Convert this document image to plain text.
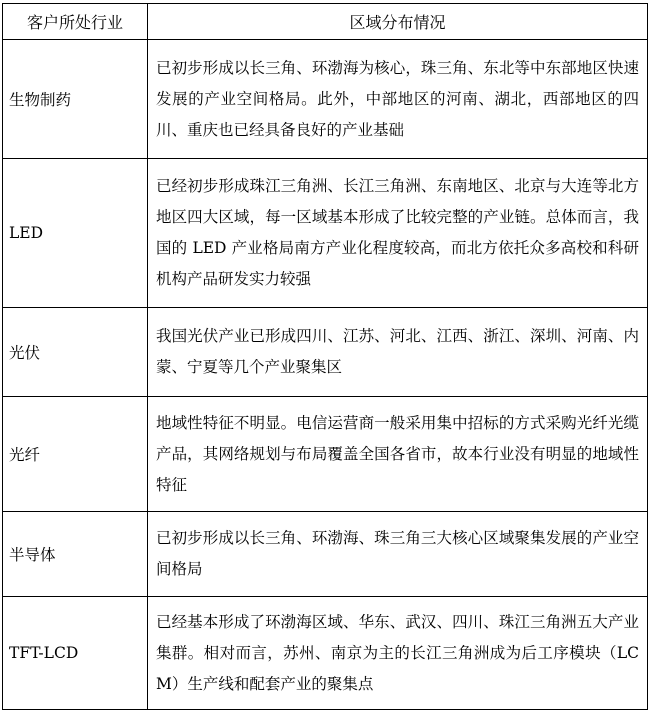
客户所处行业	区域分布情况
生物制药	已初步形成以长三角、环渤海为核心，珠三角、东北等中东部地区快速发展的产业空间格局。此外，中部地区的河南、湖北，西部地区的四川、重庆也已经具备良好的产业基础
LED	已经初步形成珠江三角洲、长江三角洲、东南地区、北京与大连等北方地区四大区域，每一区域基本形成了比较完整的产业链。总体而言，我国的 LED 产业格局南方产业化程度较高，而北方依托众多高校和科研机构产品研发实力较强
光伏	我国光伏产业已形成四川、江苏、河北、江西、浙江、深圳、河南、内蒙、宁夏等几个产业聚集区
光纤	地域性特征不明显。电信运营商一般采用集中招标的方式采购光纤光缆产品，其网络规划与布局覆盖全国各省市，故本行业没有明显的地域性特征
半导体	已初步形成以长三角、环渤海、珠三角三大核心区域聚集发展的产业空间格局
TFT-LCD	已经基本形成了环渤海区域、华东、武汉、四川、珠江三角洲五大产业集群。相对而言，苏州、南京为主的长江三角洲成为后工序模块（LCM）生产线和配套产业的聚集点
